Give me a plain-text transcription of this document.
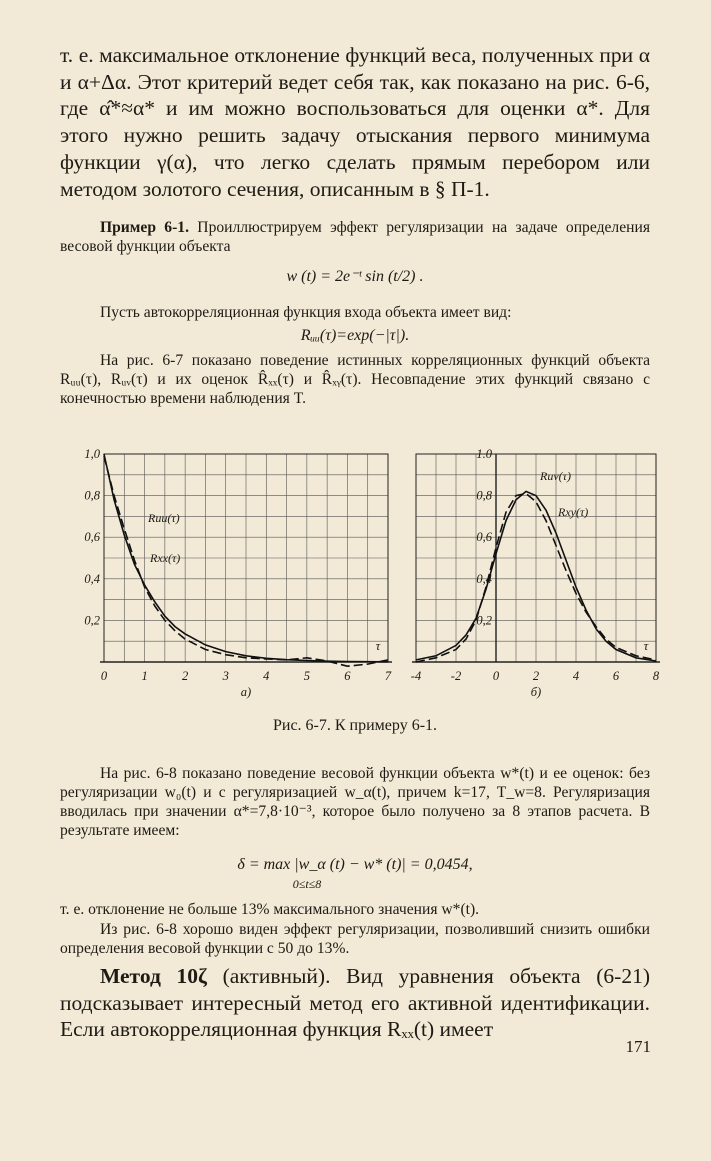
т. е. максимальное отклонение функций веса, полученных при α и α+Δα. Этот критерий ведет себя так, как показано на рис. 6-6, где α̂*≈α* и им можно воспользоваться для оценки α*. Для этого нужно решить задачу отыскания первого минимума функции γ(α), что легко сделать прямым перебором или методом золотого сечения, описанным в § П-1.

Пример 6-1. Проиллюстрируем эффект регуляризации на задаче определения весовой функции объекта

w (t) = 2e⁻ᵗ sin (t/2) .

Пусть автокорреляционная функция входа объекта имеет вид:

Rᵤᵤ(τ)=exp(−|τ|).

На рис. 6-7 показано поведение истинных корреляционных функций объекта Rᵤᵤ(τ), Rᵤᵥ(τ) и их оценок R̂ₓₓ(τ) и R̂ₓᵧ(τ). Несовпадение этих функций связано с конечностью времени наблюдения T.

0	1	2	3	4	5	6	7
1,0
0,8
0,6
0,4
0,2
τ
a)
Ruu(τ)
Rxx(τ)
-4 -2	0	2	4	6	8
1.0
0,8
0,6
0,4
0,2
τ
б)
Ruv(τ)
Rxy(τ)

Рис. 6-7. К примеру 6-1.

На рис. 6-8 показано поведение весовой функции объекта w*(t) и ее оценок: без регуляризации w₀(t) и с регуляризацией w_α(t), причем k=17, T_w=8. Регуляризация вводилась при значении α*=7,8·10⁻³, которое было получено за 8 этапов расчета. В результате имеем:

δ = max |w_α (t) − w* (t)| = 0,0454,

0≤t≤8

т. е. отклонение не больше 13% максимального значения w*(t).

Из рис. 6-8 хорошо виден эффект регуляризации, позволивший снизить ошибки определения весовой функции с 50 до 13%.

Метод 10ζ (активный). Вид уравнения объекта (6-21) подсказывает интересный метод его активной идентификации. Если автокорреляционная функция Rₓₓ(t) имеет

171
